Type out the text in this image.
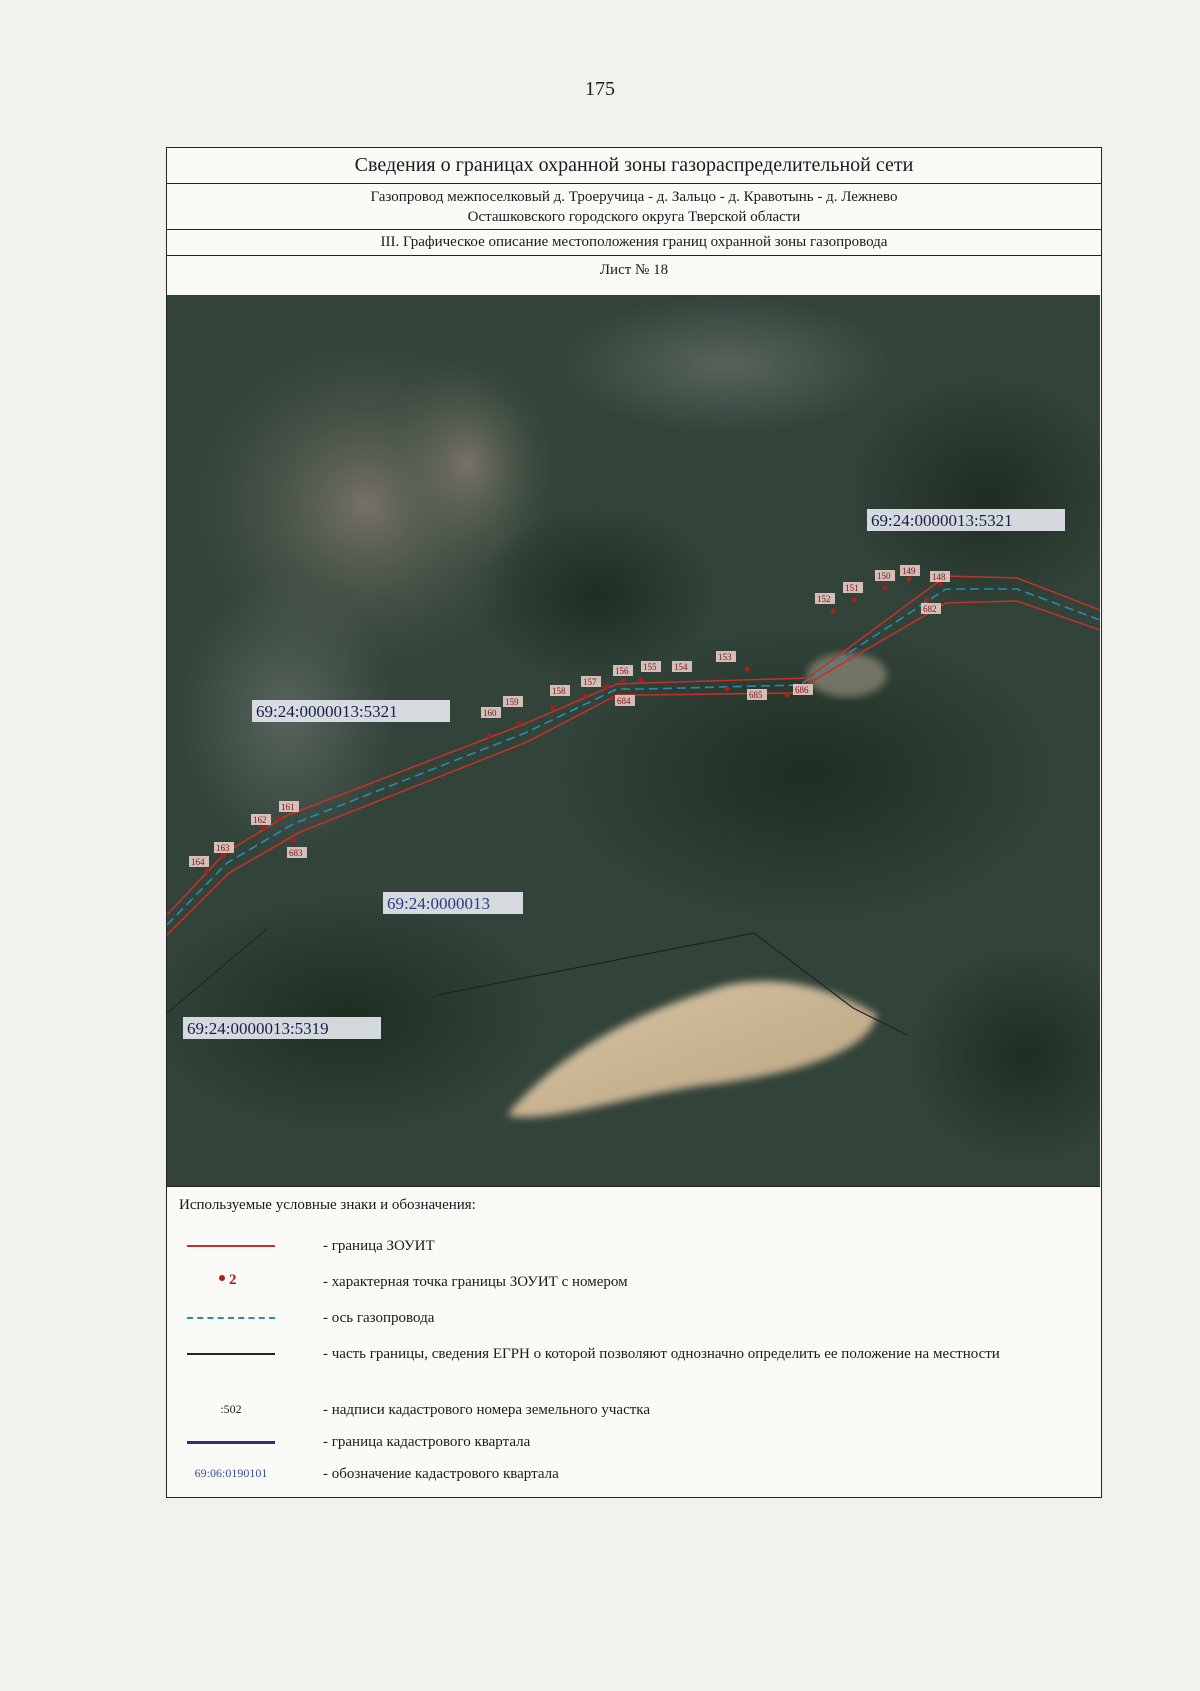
175
Сведения о границах охранной зоны газораспределительной сети
Газопровод межпоселковый д. Троеручица - д. Зальцо - д. Кравотынь - д. Лежнево
Осташковского городского округа Тверской области
III. Графическое описание местоположения границ охранной зоны газопровода
Лист № 18
149
148
150
151
152
153
154
155
156
157
158
159
160
161
162
163
164
682
683
684
685	686
69:24:0000013:5321
69:24:0000013:5321
69:24:0000013
69:24:0000013:5319
Используемые условные знаки и обозначения:
- граница ЗОУИТ
2	- характерная точка границы ЗОУИТ с номером
- ось газопровода
- часть границы, сведения ЕГРН о которой позволяют однозначно определить ее положение на местности
:502	- надписи кадастрового номера земельного участка
- граница кадастрового квартала
69:06:0190101	- обозначение кадастрового квартала
